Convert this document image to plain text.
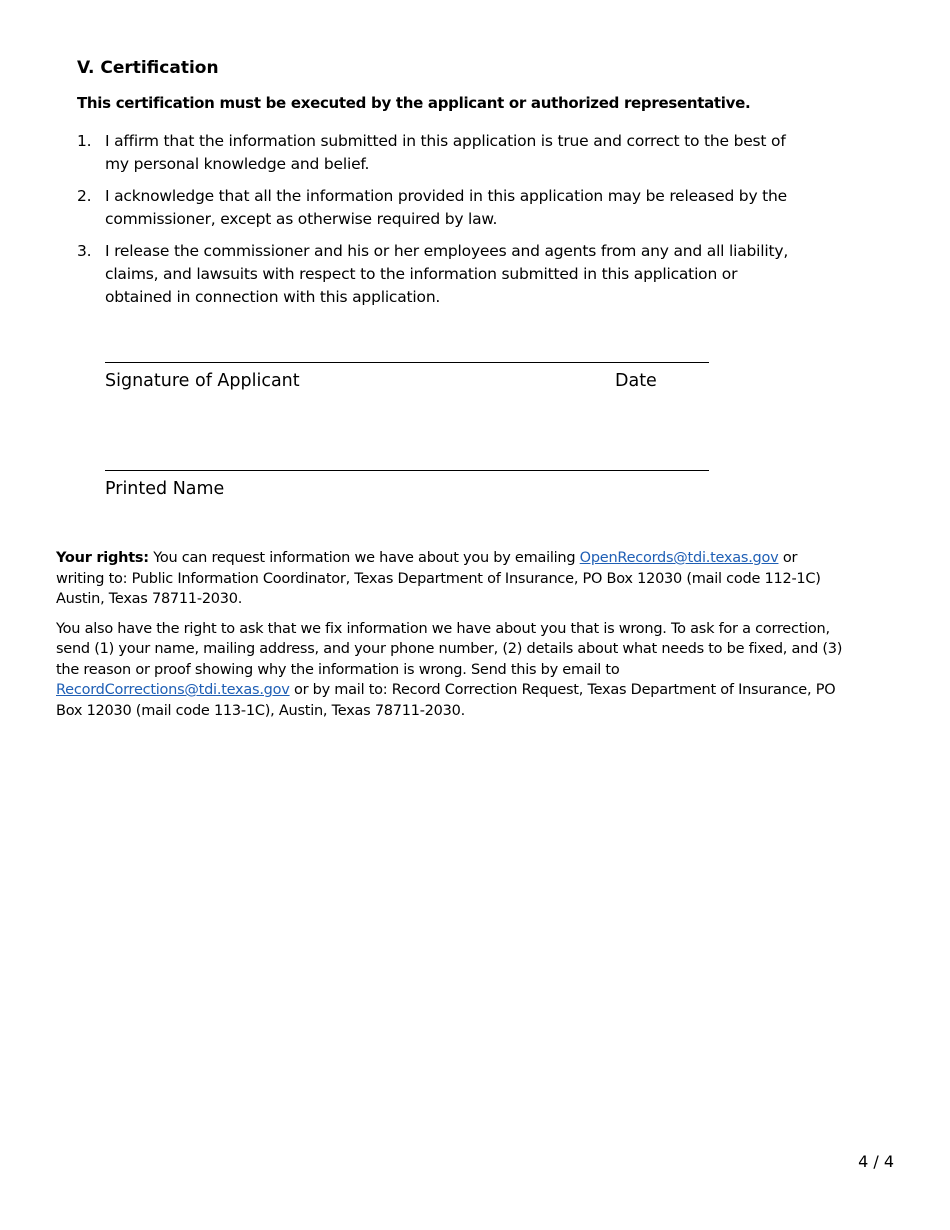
V. Certification

This certification must be executed by the applicant or authorized representative.

1. I affirm that the information submitted in this application is true and correct to the best of my personal knowledge and belief.
2. I acknowledge that all the information provided in this application may be released by the commissioner, except as otherwise required by law.
3. I release the commissioner and his or her employees and agents from any and all liability, claims, and lawsuits with respect to the information submitted in this application or obtained in connection with this application.
Signature of Applicant	Date
Printed Name

Your rights: You can request information we have about you by emailing OpenRecords@tdi.texas.gov or writing to: Public Information Coordinator, Texas Department of Insurance, PO Box 12030 (mail code 112-1C) Austin, Texas 78711-2030.

You also have the right to ask that we fix information we have about you that is wrong. To ask for a correction, send (1) your name, mailing address, and your phone number, (2) details about what needs to be fixed, and (3) the reason or proof showing why the information is wrong. Send this by email to RecordCorrections@tdi.texas.gov or by mail to: Record Correction Request, Texas Department of Insurance, PO Box 12030 (mail code 113-1C), Austin, Texas 78711-2030.

4 / 4
